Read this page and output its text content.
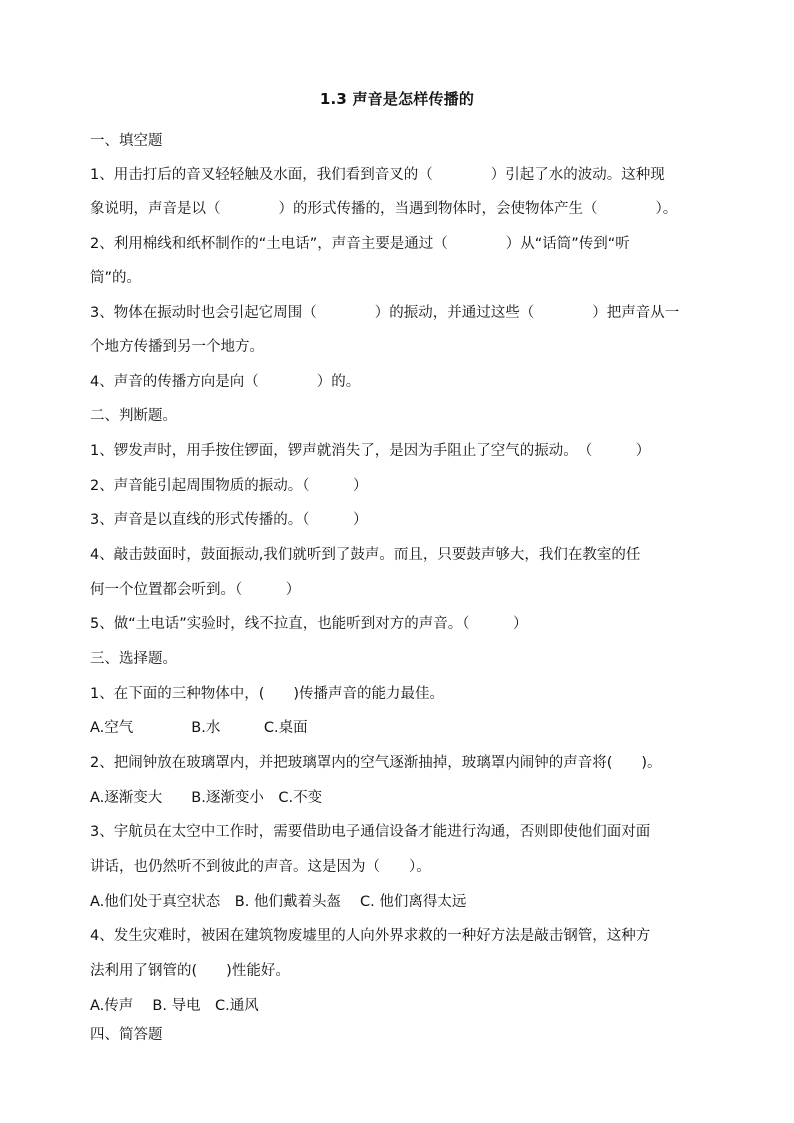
1.3 声音是怎样传播的
一、填空题
1、用击打后的音叉轻轻触及水面，我们看到音叉的（　　　　）引起了水的波动。这种现
象说明，声音是以（　　　　）的形式传播的，当遇到物体时，会使物体产生（　　　　）。
2、利用棉线和纸杯制作的“土电话”，声音主要是通过（　　　　）从“话筒”传到“听
筒”的。
3、物体在振动时也会引起它周围（　　　　）的振动，并通过这些（　　　　）把声音从一
个地方传播到另一个地方。
4、声音的传播方向是向（　　　　）的。
二、判断题。
1、锣发声时，用手按住锣面，锣声就消失了，是因为手阻止了空气的振动。　（　　　）
2、声音能引起周围物质的振动。（　　　）
3、声音是以直线的形式传播的。（　　　）
4、敲击鼓面时，鼓面振动,我们就听到了鼓声。而且，只要鼓声够大，我们在教室的任
何一个位置都会听到。（　　　）
5、做“土电话”实验时，线不拉直，也能听到对方的声音。（　　　）
三、选择题。
1、在下面的三种物体中，(　　)传播声音的能力最佳。
A.空气　　　　B.水　　　C.桌面
2、把闹钟放在玻璃罩内，并把玻璃罩内的空气逐渐抽掉，玻璃罩内闹钟的声音将(　　)。
A.逐渐变大　　B.逐渐变小　C.不变
3、宇航员在太空中工作时，需要借助电子通信设备才能进行沟通，否则即使他们面对面
讲话，也仍然听不到彼此的声音。这是因为（　　）。
A.他们处于真空状态　B. 他们戴着头盔　 C. 他们离得太远
4、发生灾难时，被困在建筑物废墟里的人向外界求救的一种好方法是敲击钢管，这种方
法利用了钢管的(　　)性能好。
A.传声　 B. 导电　C.通风
四、简答题
